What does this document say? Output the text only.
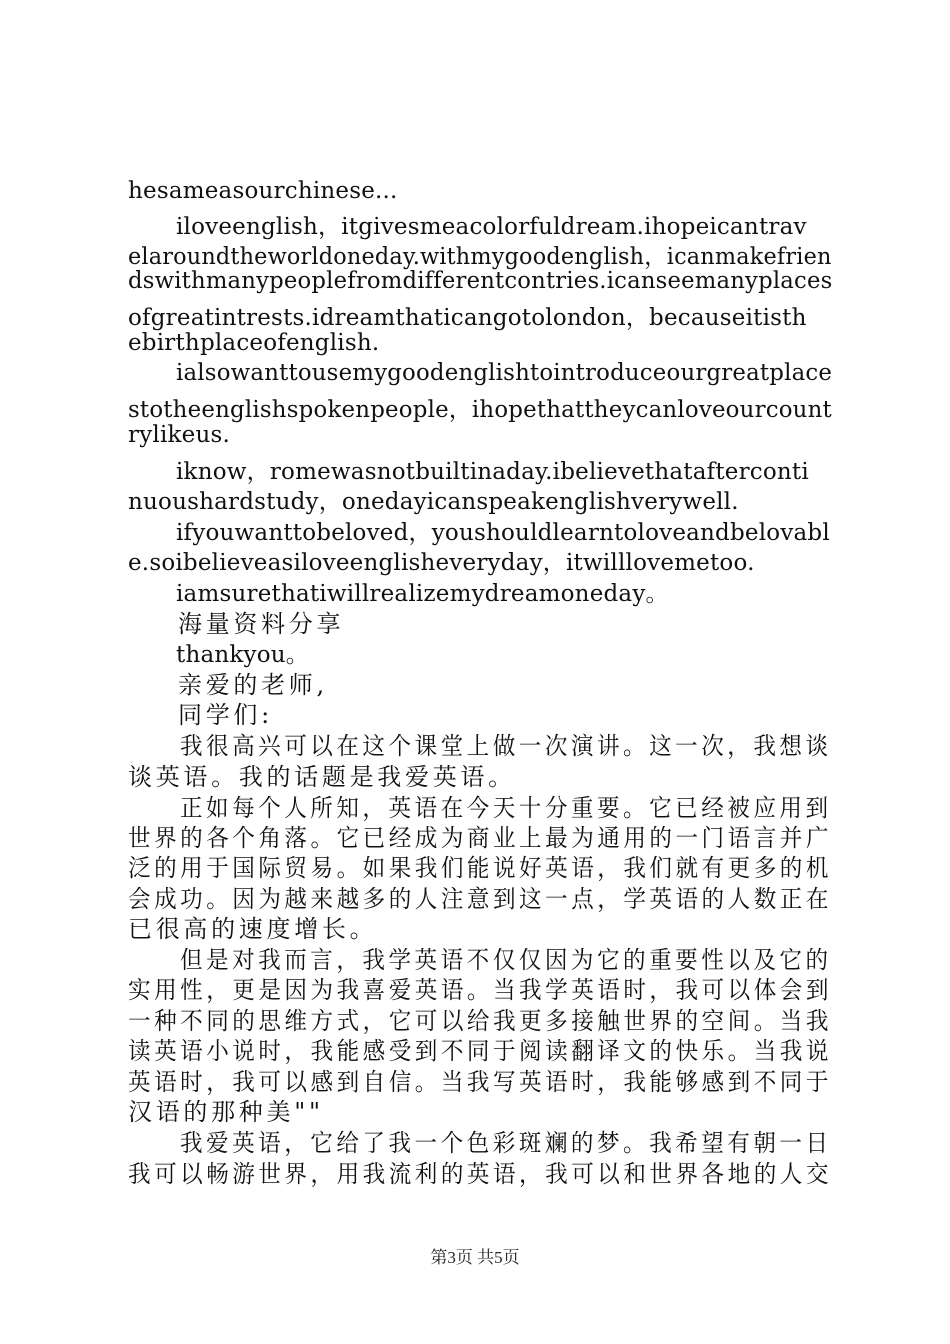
hesameasourchinese...
iloveenglish，itgivesmeacolorfuldream.ihopeicantrav
elaroundtheworldoneday.withmygoodenglish，icanmakefrien
dswithmanypeoplefromdifferentcontries.icanseemanyplaces
ofgreatintrests.idreamthaticangotolondon，becauseitisth
ebirthplaceofenglish.
ialsowanttousemygoodenglishtointroduceourgreatplace
stotheenglishspokenpeople，ihopethattheycanloveourcount
rylikeus.
iknow，romewasnotbuiltinaday.ibelievethatafterconti
nuoushardstudy，onedayicanspeakenglishverywell.
ifyouwanttobeloved，youshouldlearntoloveandbelovabl
e.soibelieveasiloveenglisheveryday，itwilllovemetoo.
iamsurethatiwillrealizemydreamoneday。
海量资料分享
thankyou。
亲爱的老师,
同学们:
我很高兴可以在这个课堂上做一次演讲。这一次，我想谈
谈英语。我的话题是我爱英语。
正如每个人所知，英语在今天十分重要。它已经被应用到
世界的各个角落。它已经成为商业上最为通用的一门语言并广
泛的用于国际贸易。如果我们能说好英语，我们就有更多的机
会成功。因为越来越多的人注意到这一点，学英语的人数正在
已很高的速度增长。
但是对我而言，我学英语不仅仅因为它的重要性以及它的
实用性，更是因为我喜爱英语。当我学英语时，我可以体会到
一种不同的思维方式，它可以给我更多接触世界的空间。当我
读英语小说时，我能感受到不同于阅读翻译文的快乐。当我说
英语时，我可以感到自信。当我写英语时，我能够感到不同于
汉语的那种美""
我爱英语，它给了我一个色彩斑斓的梦。我希望有朝一日
我可以畅游世界，用我流利的英语，我可以和世界各地的人交
第3页 共5页
